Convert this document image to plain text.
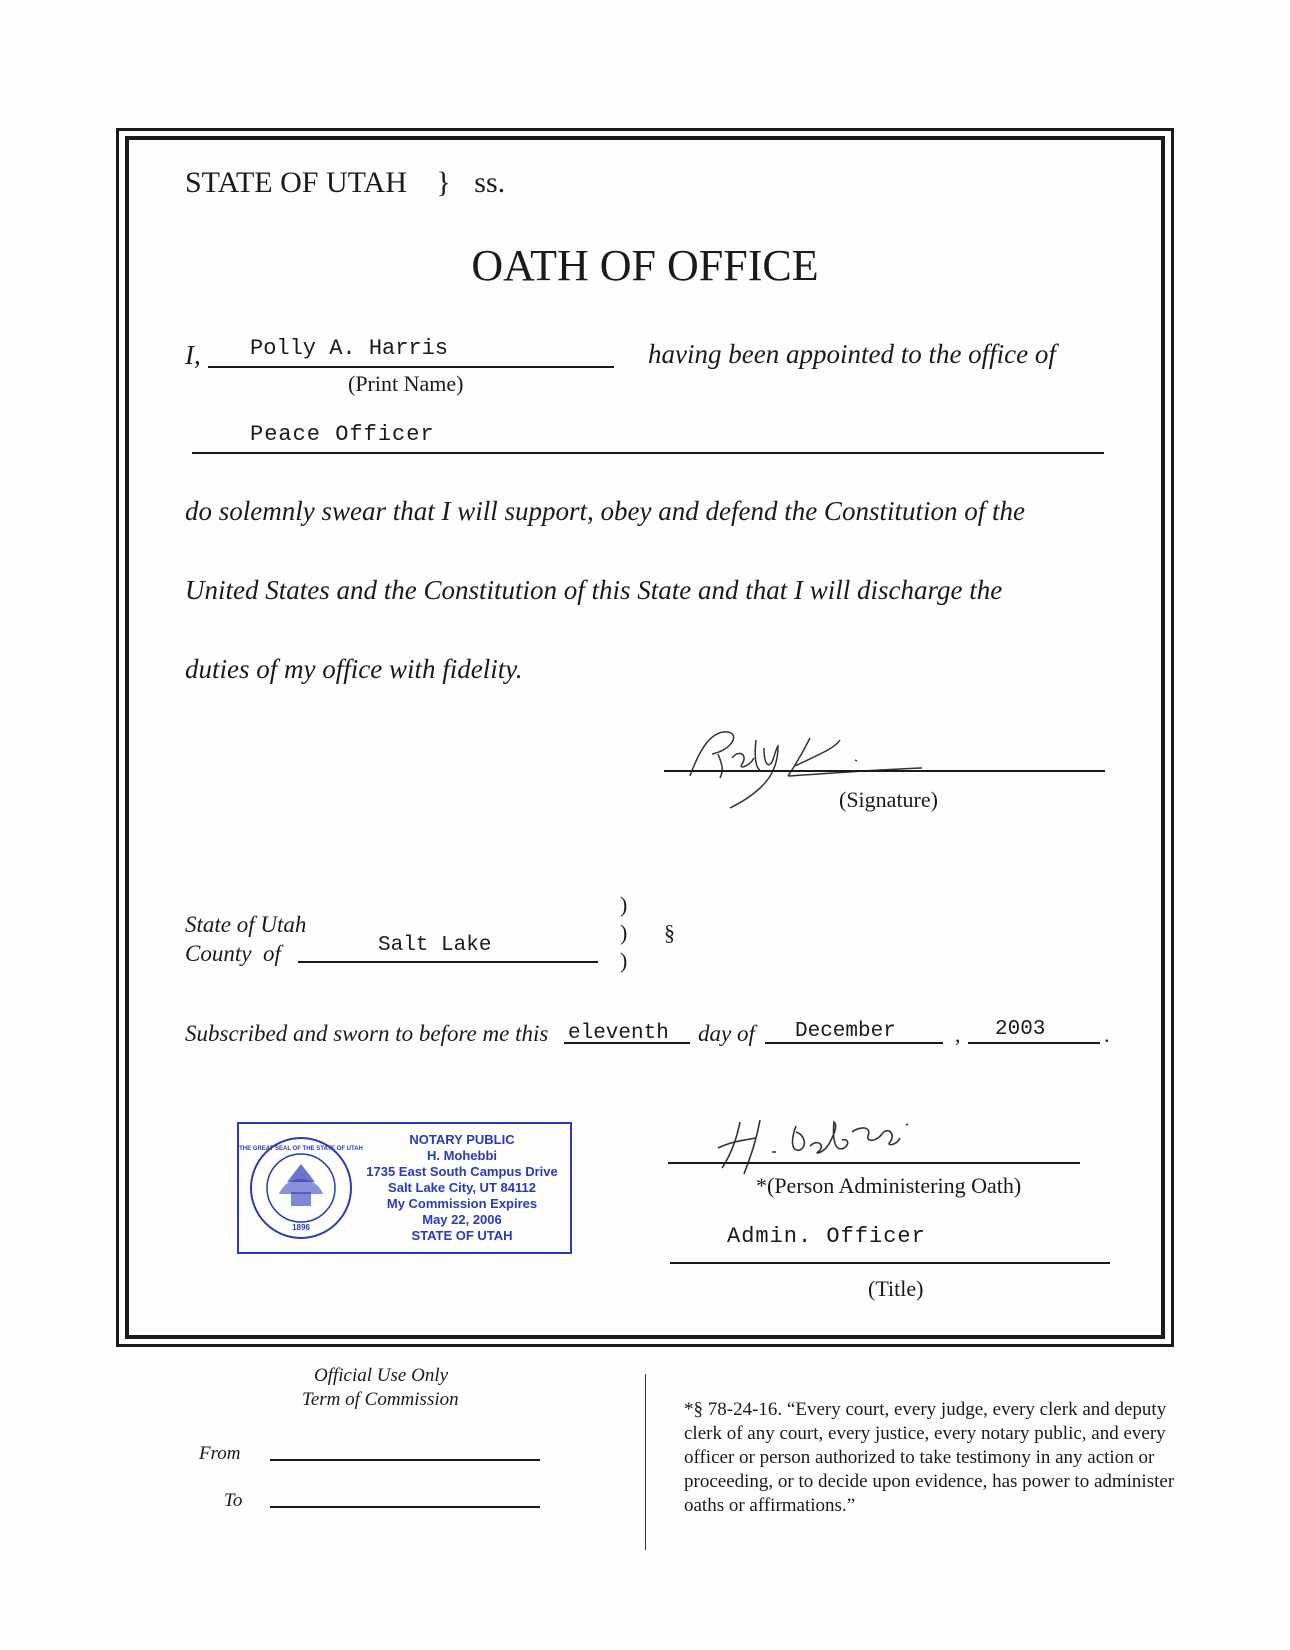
STATE OF UTAH } ss.
OATH OF OFFICE
I, Polly A. Harris
(Print Name)
having been appointed to the office of
Peace Officer
do solemnly swear that I will support, obey and defend the Constitution of the
United States and the Constitution of this State and that I will discharge the
duties of my office with fidelity.
(Signature)
State of Utah
County  of	Salt Lake
)
)
)
§
Subscribed and sworn to before me this eleventh day of December	, 2003	.
1896
THE GREAT SEAL OF THE STATE OF UTAH
NOTARY PUBLIC
H. Mohebbi
1735 East South Campus Drive
Salt Lake City, UT 84112
My Commission Expires
May 22, 2006
STATE OF UTAH
*(Person Administering Oath)
Admin. Officer
(Title)
Official Use Only
Term of Commission
From
To
*§ 78-24-16. “Every court, every judge, every clerk and deputy clerk of any court, every justice, every notary public, and every officer or person authorized to take testimony in any action or proceeding, or to decide upon evidence, has power to administer oaths or affirmations.”
